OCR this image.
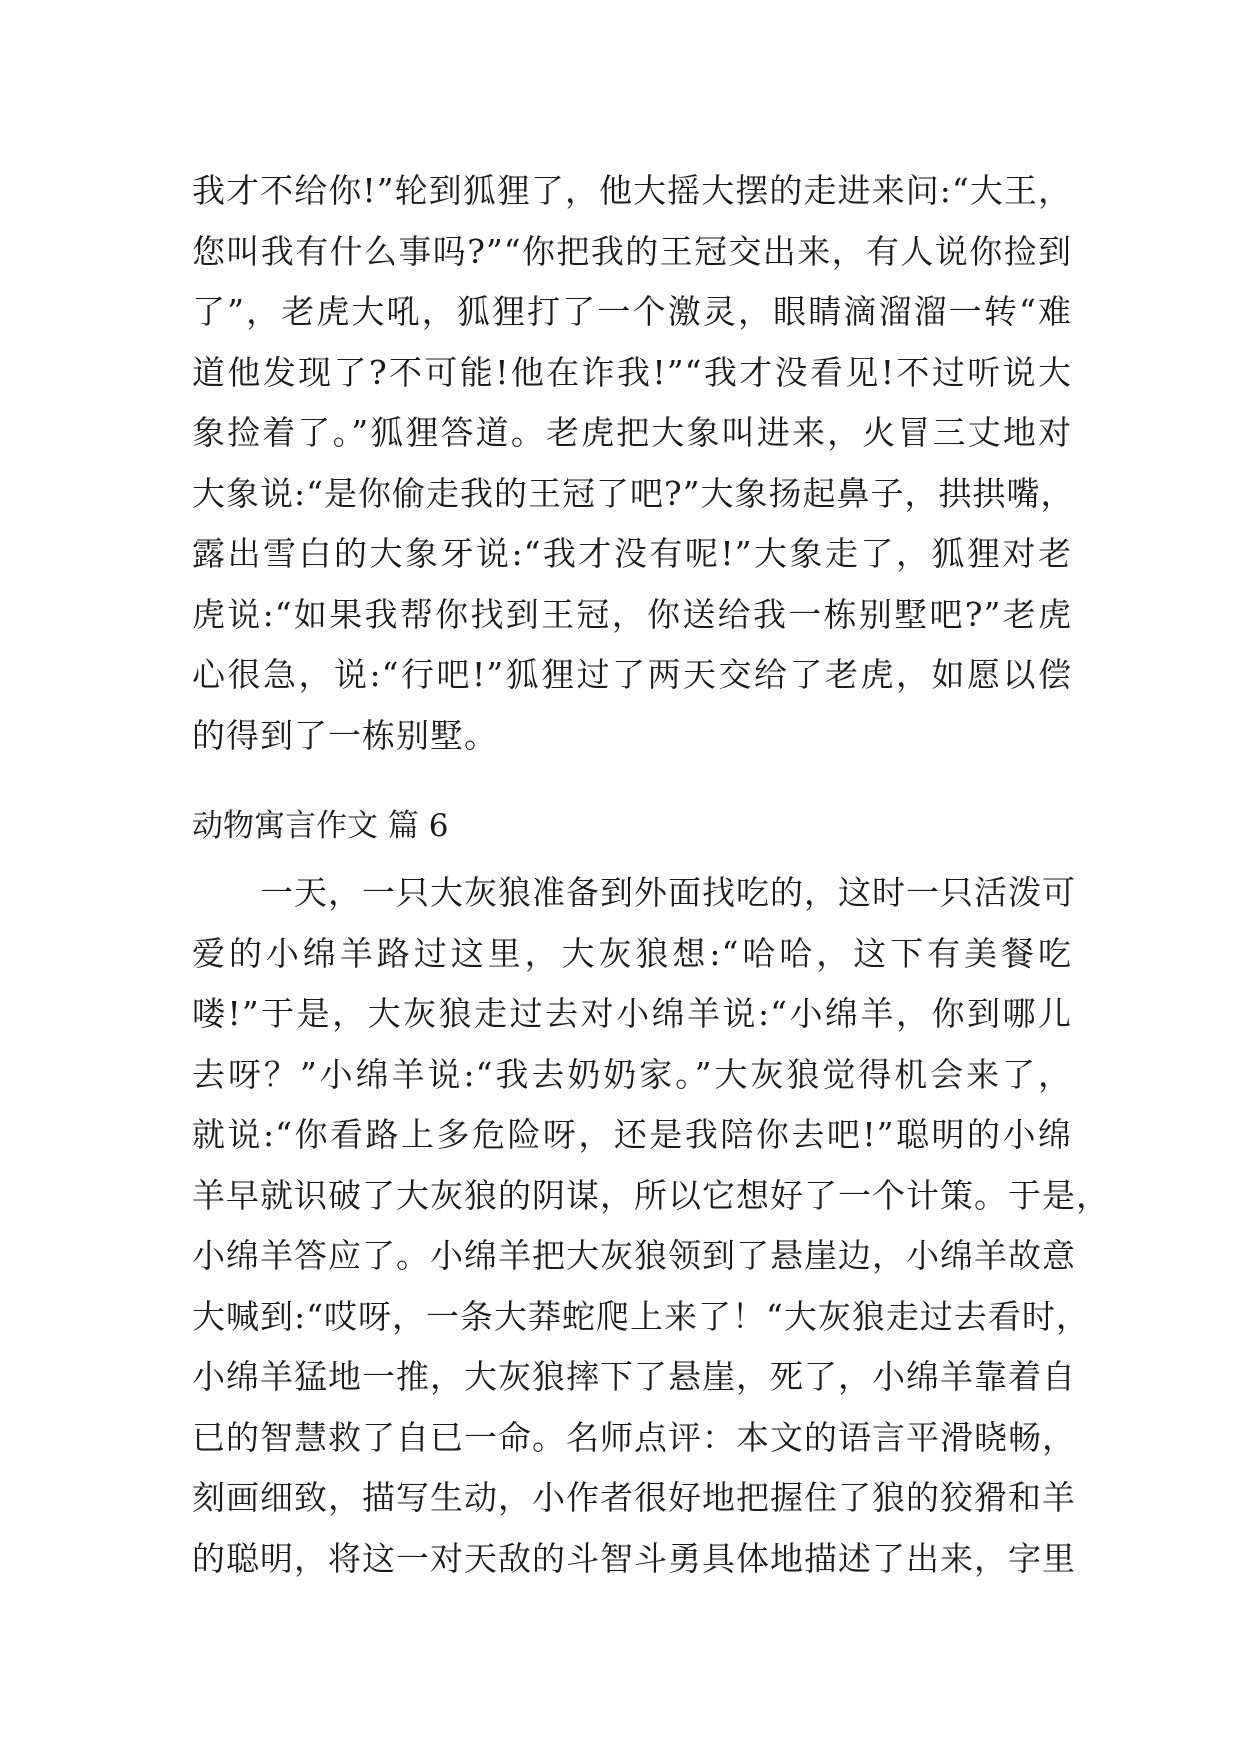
我才不给你!”轮到狐狸了，他大摇大摆的走进来问:“大王，
您叫我有什么事吗?”“你把我的王冠交出来，有人说你捡到
了”，老虎大吼，狐狸打了一个激灵，眼睛滴溜溜一转“难
道他发现了?不可能!他在诈我!”“我才没看见!不过听说大
象捡着了。”狐狸答道。老虎把大象叫进来，火冒三丈地对
大象说:“是你偷走我的王冠了吧?”大象扬起鼻子，拱拱嘴，
露出雪白的大象牙说:“我才没有呢!”大象走了，狐狸对老
虎说:“如果我帮你找到王冠，你送给我一栋别墅吧?”老虎
心很急，说:“行吧!”狐狸过了两天交给了老虎，如愿以偿
的得到了一栋别墅。
动物寓言作文 篇 6
　　一天，一只大灰狼准备到外面找吃的，这时一只活泼可
爱的小绵羊路过这里，大灰狼想:“哈哈，这下有美餐吃
喽!”于是，大灰狼走过去对小绵羊说:“小绵羊，你到哪儿
去呀？”小绵羊说:“我去奶奶家。”大灰狼觉得机会来了，
就说:“你看路上多危险呀，还是我陪你去吧!”聪明的小绵
羊早就识破了大灰狼的阴谋，所以它想好了一个计策。于是，
小绵羊答应了。小绵羊把大灰狼领到了悬崖边，小绵羊故意
大喊到:“哎呀，一条大莽蛇爬上来了！“大灰狼走过去看时，
小绵羊猛地一推，大灰狼摔下了悬崖，死了，小绵羊靠着自
已的智慧救了自已一命。名师点评：本文的语言平滑晓畅，
刻画细致，描写生动，小作者很好地把握住了狼的狡猾和羊
的聪明，将这一对天敌的斗智斗勇具体地描述了出来，字里
